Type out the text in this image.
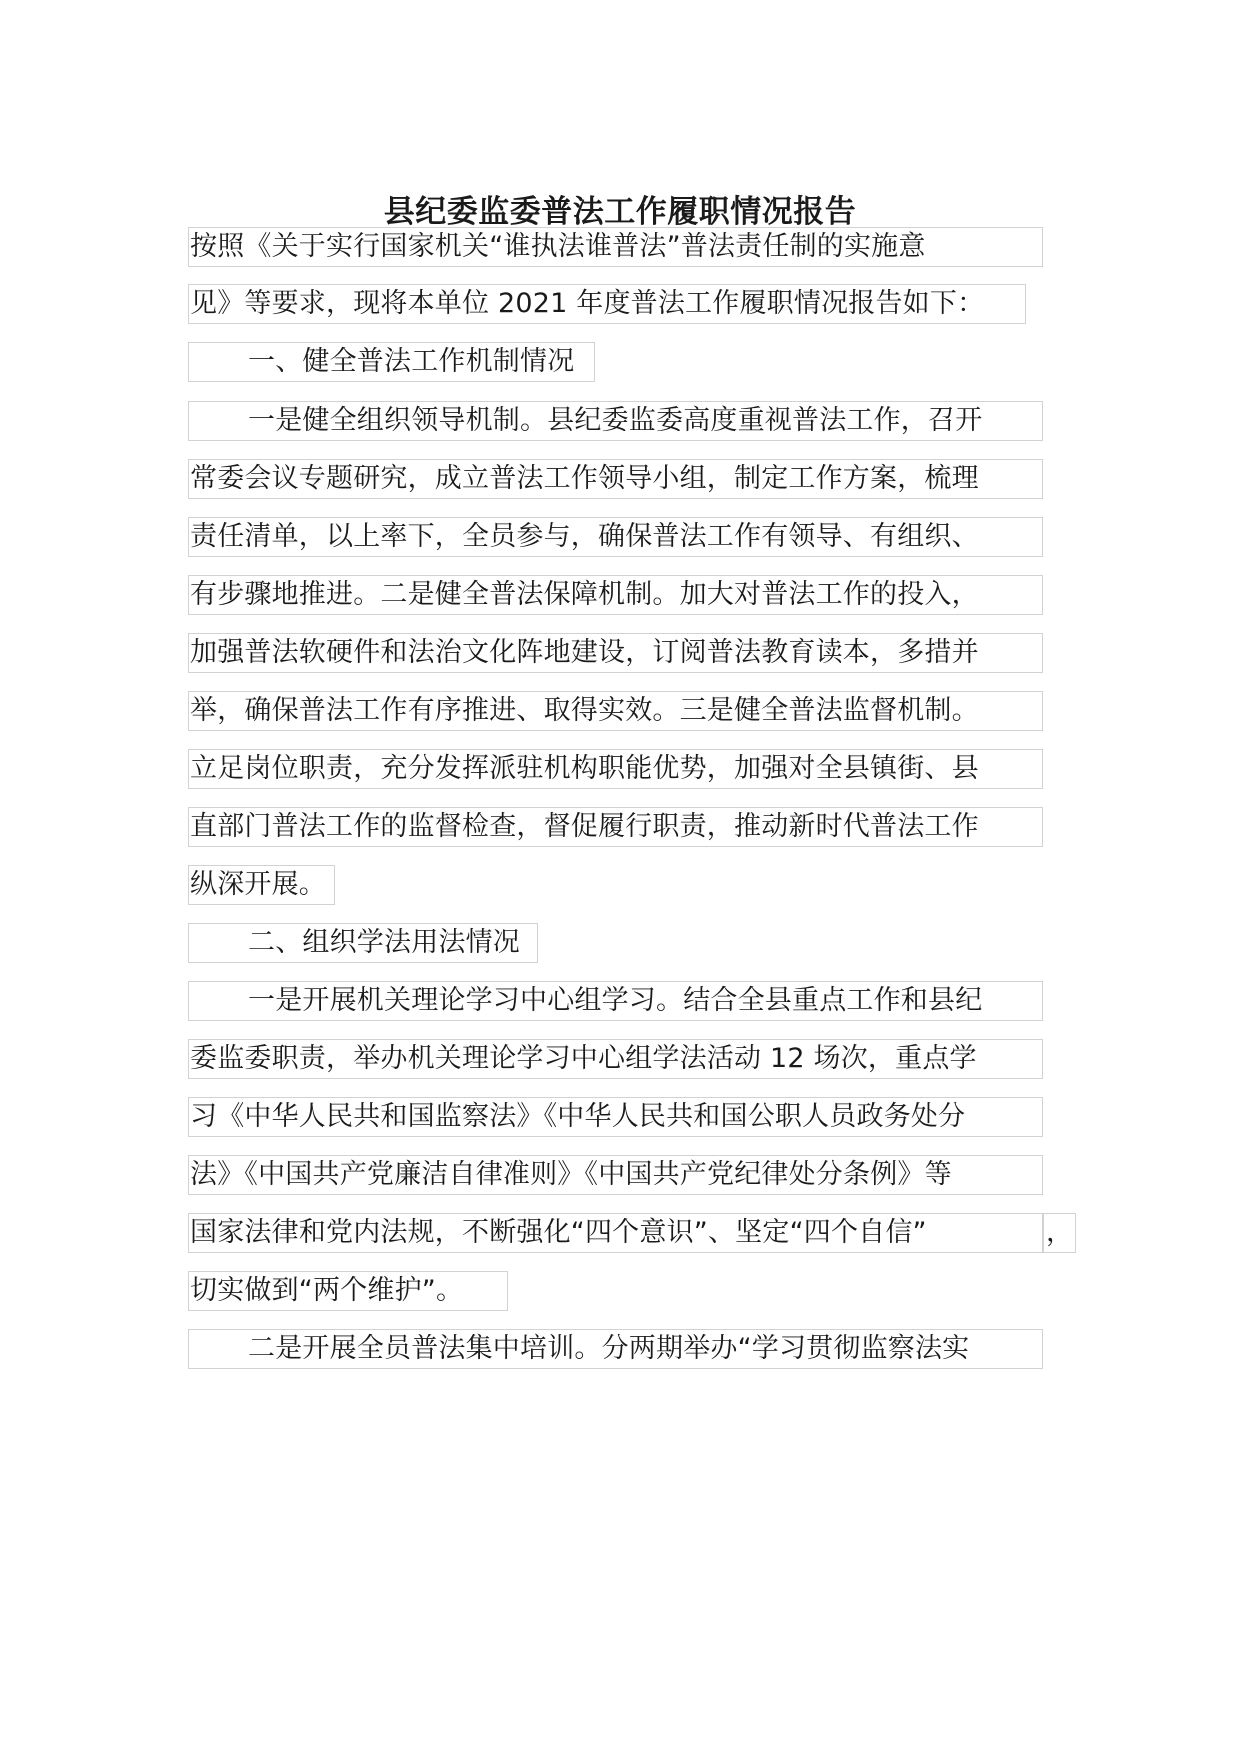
县纪委监委普法工作履职情况报告
按照《关于实行国家机关“谁执法谁普法”普法责任制的实施意
见》等要求，现将本单位 2021 年度普法工作履职情况报告如下：
一、健全普法工作机制情况
一是健全组织领导机制。县纪委监委高度重视普法工作，召开
常委会议专题研究，成立普法工作领导小组，制定工作方案，梳理
责任清单，以上率下，全员参与，确保普法工作有领导、有组织、
有步骤地推进。二是健全普法保障机制。加大对普法工作的投入，
加强普法软硬件和法治文化阵地建设，订阅普法教育读本，多措并
举，确保普法工作有序推进、取得实效。三是健全普法监督机制。
立足岗位职责，充分发挥派驻机构职能优势，加强对全县镇街、县
直部门普法工作的监督检查，督促履行职责，推动新时代普法工作
纵深开展。
二、组织学法用法情况
一是开展机关理论学习中心组学习。结合全县重点工作和县纪
委监委职责，举办机关理论学习中心组学法活动 12 场次，重点学
习《中华人民共和国监察法》《中华人民共和国公职人员政务处分
法》《中国共产党廉洁自律准则》《中国共产党纪律处分条例》等
国家法律和党内法规，不断强化“四个意识”、坚定“四个自信”	，
切实做到“两个维护”。
二是开展全员普法集中培训。分两期举办“学习贯彻监察法实
